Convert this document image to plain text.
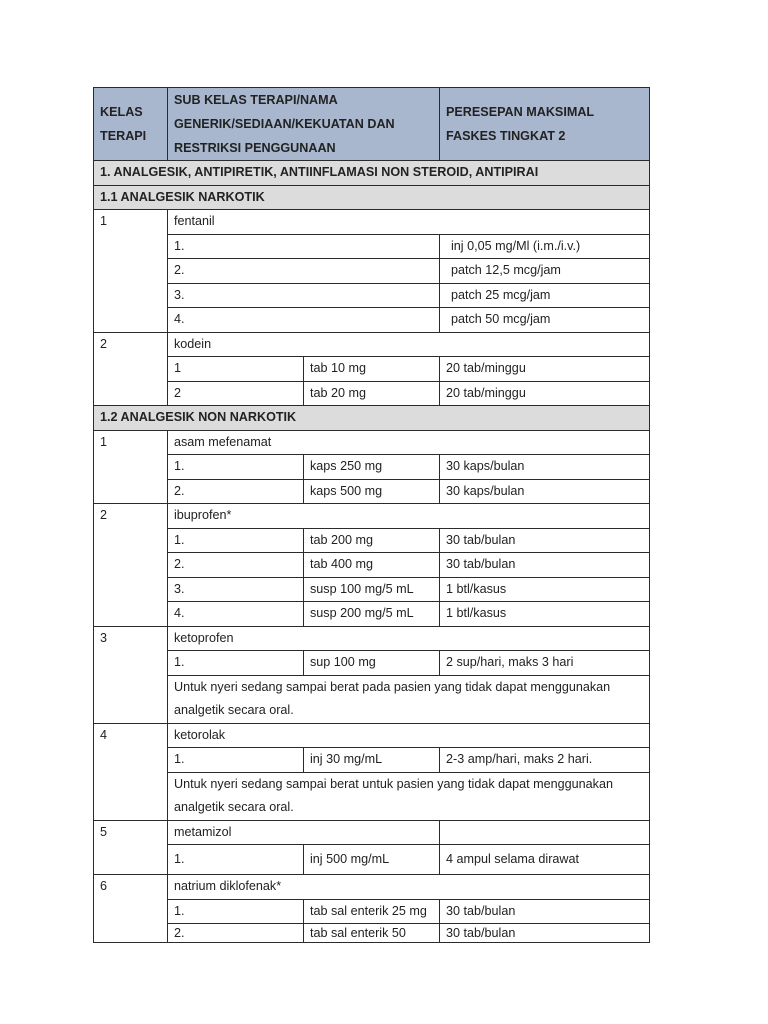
KELAS TERAPI	SUB KELAS TERAPI/NAMA GENERIK/SEDIAAN/KEKUATAN DAN RESTRIKSI PENGGUNAAN		PERESEPAN MAKSIMAL FASKES TINGKAT 2
1. ANALGESIK, ANTIPIRETIK, ANTIINFLAMASI NON STEROID, ANTIPIRAI			
1.1 ANALGESIK NARKOTIK			
1	fentanil		
	1.		inj 0,05 mg/Ml (i.m./i.v.)
	2.		patch 12,5 mcg/jam
	3.		patch 25 mcg/jam
	4.		patch 50 mcg/jam
2	kodein		
	1	tab 10 mg	20 tab/minggu
	2	tab 20 mg	20 tab/minggu
1.2 ANALGESIK NON NARKOTIK			
1	asam mefenamat		
	1.	kaps 250 mg	30 kaps/bulan
	2.	kaps 500 mg	30 kaps/bulan
2	ibuprofen*		
	1.	tab 200 mg	30 tab/bulan
	2.	tab 400 mg	30 tab/bulan
	3.	susp 100 mg/5 mL	1 btl/kasus
	4.	susp 200 mg/5 mL	1 btl/kasus
3	ketoprofen		
	1.	sup 100 mg	2 sup/hari, maks 3 hari
	Untuk nyeri sedang sampai berat pada pasien yang tidak dapat menggunakan analgetik secara oral.		
4	ketorolak		
	1.	inj 30 mg/mL	2-3 amp/hari, maks 2 hari.
	Untuk nyeri sedang sampai berat untuk pasien yang tidak dapat menggunakan analgetik secara oral.		
5	metamizol		
	1.	inj 500 mg/mL	4 ampul selama dirawat
6	natrium diklofenak*		
	1.	tab sal enterik 25 mg	30 tab/bulan
	2.	tab sal enterik 50	30 tab/bulan
